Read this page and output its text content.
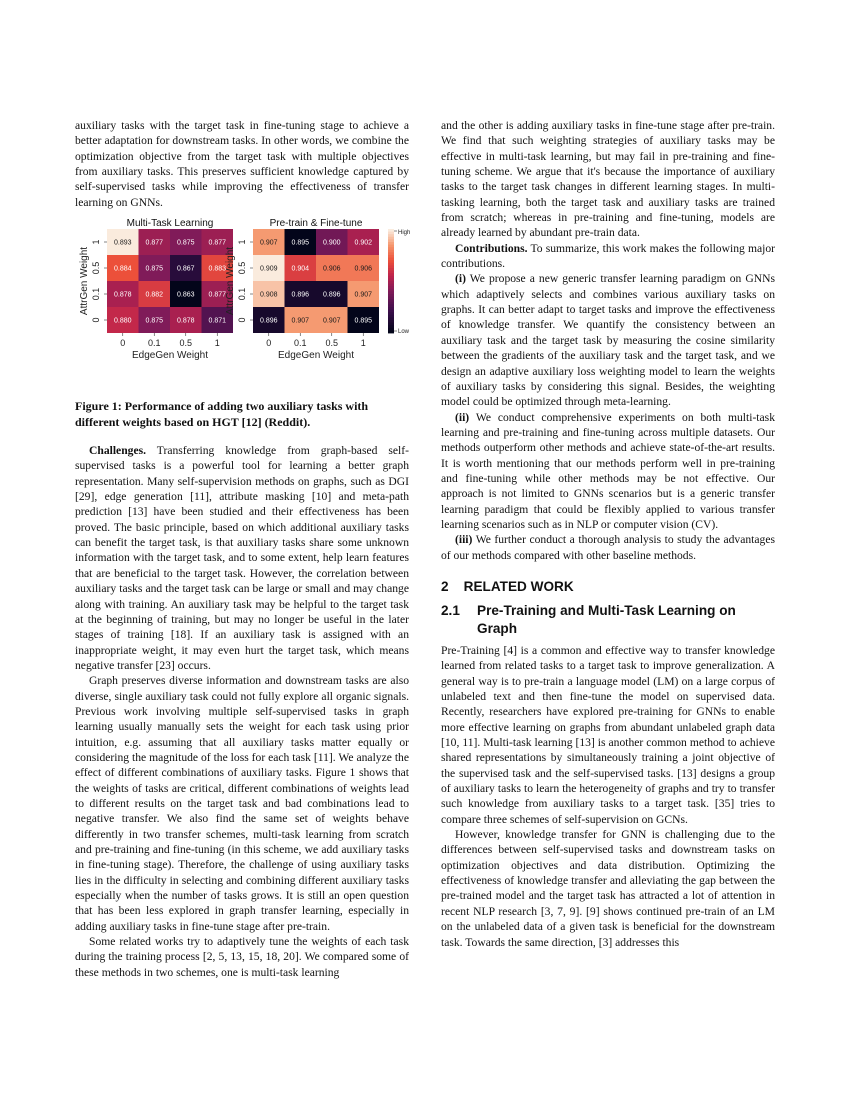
auxiliary tasks with the target task in fine-tuning stage to achieve a better adaptation for downstream tasks. In other words, we combine the optimization objective from the target task with multiple objectives from auxiliary tasks. This preserves sufficient knowledge captured by self-supervised tasks while improving the effectiveness of transfer learning on GNNs.

Multi-Task Learning
0.893 0.877 0.875 0.877
0.884 0.875 0.867 0.883
0.878 0.882 0.863 0.877
0.880 0.875 0.878 0.871
0	0.1 0.5	1
1
0.5
0.1
0
EdgeGen Weight
AttrGen Weight
Pre-train & Fine-tune
0.907 0.895 0.900 0.902
0.909 0.904 0.906 0.906
0.908 0.896 0.896 0.907
0.896 0.907 0.907 0.895
0	0.1 0.5	1
1
0.5
0.1
0
EdgeGen Weight
AttrGen Weight
High
Low

Figure 1: Performance of adding two auxiliary tasks with different weights based on HGT [12] (Reddit).

Challenges. Transferring knowledge from graph-based self-supervised tasks is a powerful tool for learning a better graph representation. Many self-supervision methods on graphs, such as DGI [29], edge generation [11], attribute masking [10] and meta-path prediction [13] have been studied and their effectiveness has been proved. The basic principle, based on which additional auxiliary tasks can benefit the target task, is that auxiliary tasks share some unknown information with the target task, and to some extent, help learn features that are beneficial to the target task. However, the correlation between auxiliary tasks and the target task can be large or small and may change along with training. An auxiliary task may be helpful to the target task at the beginning of training, but may no longer be useful in the later stages of training [18]. If an auxiliary task is assigned with an inappropriate weight, it may even hurt the target task, which means negative transfer [23] occurs.

Graph preserves diverse information and downstream tasks are also diverse, single auxiliary task could not fully explore all organic signals. Previous work involving multiple self-supervised tasks in graph learning usually manually sets the weight for each task using prior intuition, e.g. assuming that all auxiliary tasks matter equally or considering the magnitude of the loss for each task [11]. We analyze the effect of different combinations of auxiliary tasks. Figure 1 shows that the weights of tasks are critical, different combinations of weights lead to different results on the target task and bad combinations lead to negative transfer. We also find the same set of weights behave differently in two transfer schemes, multi-task learning from scratch and pre-training and fine-tuning (in this scheme, we add auxiliary tasks in fine-tuning stage). Therefore, the challenge of using auxiliary tasks lies in the difficulty in selecting and combining different auxiliary tasks especially when the number of tasks grows. It is still an open question that has been less explored in graph transfer learning, especially in adding auxiliary tasks in fine-tune stage after pre-train.

Some related works try to adaptively tune the weights of each task during the training process [2, 5, 13, 15, 18, 20]. We compared some of these methods in two schemes, one is multi-task learning

and the other is adding auxiliary tasks in fine-tune stage after pre-train. We find that such weighting strategies of auxiliary tasks may be effective in multi-task learning, but may fail in pre-training and fine-tuning scheme. We argue that it's because the importance of auxiliary tasks to the target task changes in different learning stages. In multi-tasking learning, both the target task and auxiliary tasks are trained from scratch; whereas in pre-training and fine-tuning, models are already learned by abundant pre-train data.

Contributions. To summarize, this work makes the following major contributions.

(i) We propose a new generic transfer learning paradigm on GNNs which adaptively selects and combines various auxiliary tasks on graphs. It can better adapt to target tasks and improve the effectiveness of knowledge transfer. We quantify the consistency between an auxiliary task and the target task by measuring the cosine similarity between the gradients of the auxiliary task and the target task, and we design an adaptive auxiliary loss weighting model to learn the weights of auxiliary tasks by considering this signal. Besides, the weighting model could be optimized through meta-learning.

(ii) We conduct comprehensive experiments on both multi-task learning and pre-training and fine-tuning across multiple datasets. Our methods outperform other methods and achieve state-of-the-art results. It is worth mentioning that our methods perform well in pre-training and fine-tuning while other methods may be not effective. Our approach is not limited to GNNs scenarios but is a generic transfer learning paradigm that could be flexibly applied to various transfer learning scenarios such as in NLP or computer vision (CV).

(iii) We further conduct a thorough analysis to study the advantages of our methods compared with other baseline methods.

2 RELATED WORK
2.1	Pre-Training and Multi-Task Learning on Graph

Pre-Training [4] is a common and effective way to transfer knowledge learned from related tasks to a target task to improve generalization. A general way is to pre-train a language model (LM) on a large corpus of unlabeled text and then fine-tune the model on supervised data. Recently, researchers have explored pre-training for GNNs to enable more effective learning on graphs from abundant unlabeled graph data [10, 11]. Multi-task learning [13] is another common method to achieve shared representations by simultaneously training a joint objective of the supervised task and the self-supervised tasks. [13] designs a group of auxiliary tasks to learn the heterogeneity of graphs and try to transfer such knowledge from auxiliary tasks to a target task. [35] tries to compare three schemes of self-supervision on GCNs.

However, knowledge transfer for GNN is challenging due to the differences between self-supervised tasks and downstream tasks on optimization objectives and data distribution. Optimizing the effectiveness of knowledge transfer and alleviating the gap between the pre-trained model and the target task has attracted a lot of attention in recent NLP research [3, 7, 9]. [9] shows continued pre-train of an LM on the unlabeled data of a given task is beneficial for the downstream task. Towards the same direction, [3] addresses this
